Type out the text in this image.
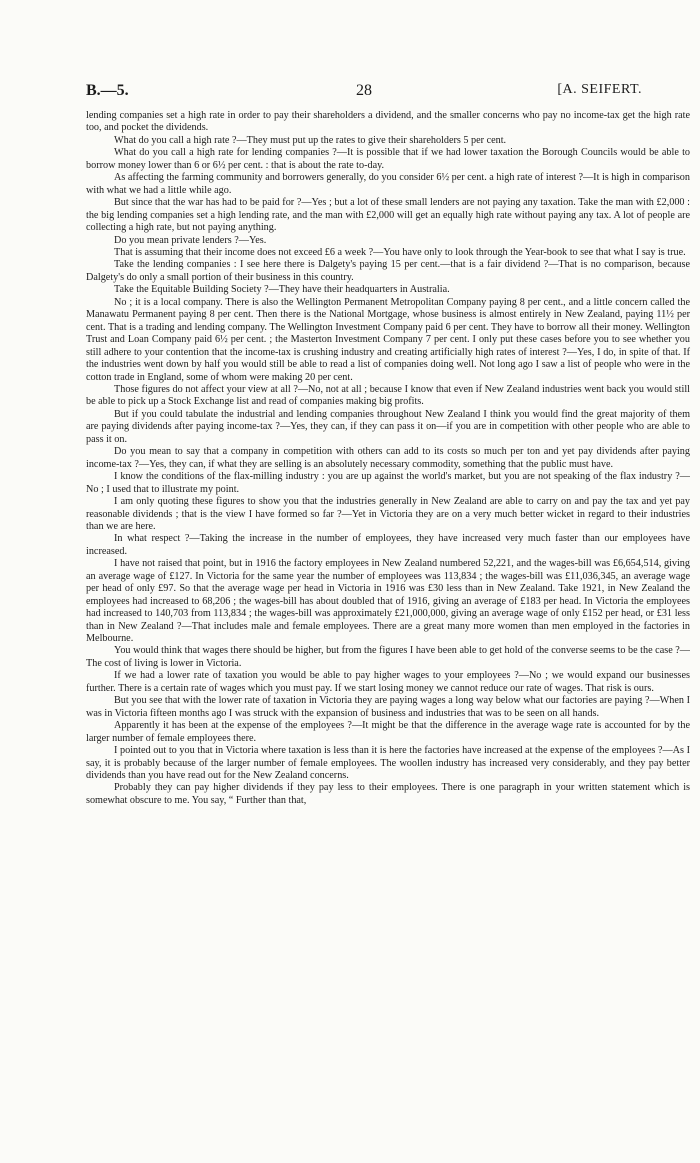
B.—5.	28	[A. SEIFERT.

lending companies set a high rate in order to pay their shareholders a dividend, and the smaller concerns who pay no income-tax get the high rate too, and pocket the dividends.

What do you call a high rate ?—They must put up the rates to give their shareholders 5 per cent.

What do you call a high rate for lending companies ?—It is possible that if we had lower taxation the Borough Councils would be able to borrow money lower than 6 or 6½ per cent. : that is about the rate to-day.

As affecting the farming community and borrowers generally, do you consider 6½ per cent. a high rate of interest ?—It is high in comparison with what we had a little while ago.

But since that the war has had to be paid for ?—Yes ; but a lot of these small lenders are not paying any taxation. Take the man with £2,000 : the big lending companies set a high lending rate, and the man with £2,000 will get an equally high rate without paying any tax. A lot of people are collecting a high rate, but not paying anything.

Do you mean private lenders ?—Yes.

That is assuming that their income does not exceed £6 a week ?—You have only to look through the Year-book to see that what I say is true.

Take the lending companies : I see here there is Dalgety's paying 15 per cent.—that is a fair dividend ?—That is no comparison, because Dalgety's do only a small portion of their business in this country.

Take the Equitable Building Society ?—They have their headquarters in Australia.

No ; it is a local company. There is also the Wellington Permanent Metropolitan Company paying 8 per cent., and a little concern called the Manawatu Permanent paying 8 per cent. Then there is the National Mortgage, whose business is almost entirely in New Zealand, paying 11½ per cent. That is a trading and lending company. The Wellington Investment Company paid 6 per cent. They have to borrow all their money. Wellington Trust and Loan Company paid 6½ per cent. ; the Masterton Investment Company 7 per cent. I only put these cases before you to see whether you still adhere to your contention that the income-tax is crushing industry and creating artificially high rates of interest ?—Yes, I do, in spite of that. If the industries went down by half you would still be able to read a list of companies doing well. Not long ago I saw a list of people who were in the cotton trade in England, some of whom were making 20 per cent.

Those figures do not affect your view at all ?—No, not at all ; because I know that even if New Zealand industries went back you would still be able to pick up a Stock Exchange list and read of companies making big profits.

But if you could tabulate the industrial and lending companies throughout New Zealand I think you would find the great majority of them are paying dividends after paying income-tax ?—Yes, they can, if they can pass it on—if you are in competition with other people who are able to pass it on.

Do you mean to say that a company in competition with others can add to its costs so much per ton and yet pay dividends after paying income-tax ?—Yes, they can, if what they are selling is an absolutely necessary commodity, something that the public must have.

I know the conditions of the flax-milling industry : you are up against the world's market, but you are not speaking of the flax industry ?—No ; I used that to illustrate my point.

I am only quoting these figures to show you that the industries generally in New Zealand are able to carry on and pay the tax and yet pay reasonable dividends ; that is the view I have formed so far ?—Yet in Victoria they are on a very much better wicket in regard to their industries than we are here.

In what respect ?—Taking the increase in the number of employees, they have increased very much faster than our employees have increased.

I have not raised that point, but in 1916 the factory employees in New Zealand numbered 52,221, and the wages-bill was £6,654,514, giving an average wage of £127. In Victoria for the same year the number of employees was 113,834 ; the wages-bill was £11,036,345, an average wage per head of only £97. So that the average wage per head in Victoria in 1916 was £30 less than in New Zealand. Take 1921, in New Zealand the employees had increased to 68,206 ; the wages-bill has about doubled that of 1916, giving an average of £183 per head. In Victoria the employees had increased to 140,703 from 113,834 ; the wages-bill was approximately £21,000,000, giving an average wage of only £152 per head, or £31 less than in New Zealand ?—That includes male and female employees. There are a great many more women than men employed in the factories in Melbourne.

You would think that wages there should be higher, but from the figures I have been able to get hold of the converse seems to be the case ?—The cost of living is lower in Victoria.

If we had a lower rate of taxation you would be able to pay higher wages to your employees ?—No ; we would expand our businesses further. There is a certain rate of wages which you must pay. If we start losing money we cannot reduce our rate of wages. That risk is ours.

But you see that with the lower rate of taxation in Victoria they are paying wages a long way below what our factories are paying ?—When I was in Victoria fifteen months ago I was struck with the expansion of business and industries that was to be seen on all hands.

Apparently it has been at the expense of the employees ?—It might be that the difference in the average wage rate is accounted for by the larger number of female employees there.

I pointed out to you that in Victoria where taxation is less than it is here the factories have increased at the expense of the employees ?—As I say, it is probably because of the larger number of female employees. The woollen industry has increased very considerably, and they pay better dividends than you have read out for the New Zealand concerns.

Probably they can pay higher dividends if they pay less to their employees. There is one paragraph in your written statement which is somewhat obscure to me. You say, “ Further than that,
